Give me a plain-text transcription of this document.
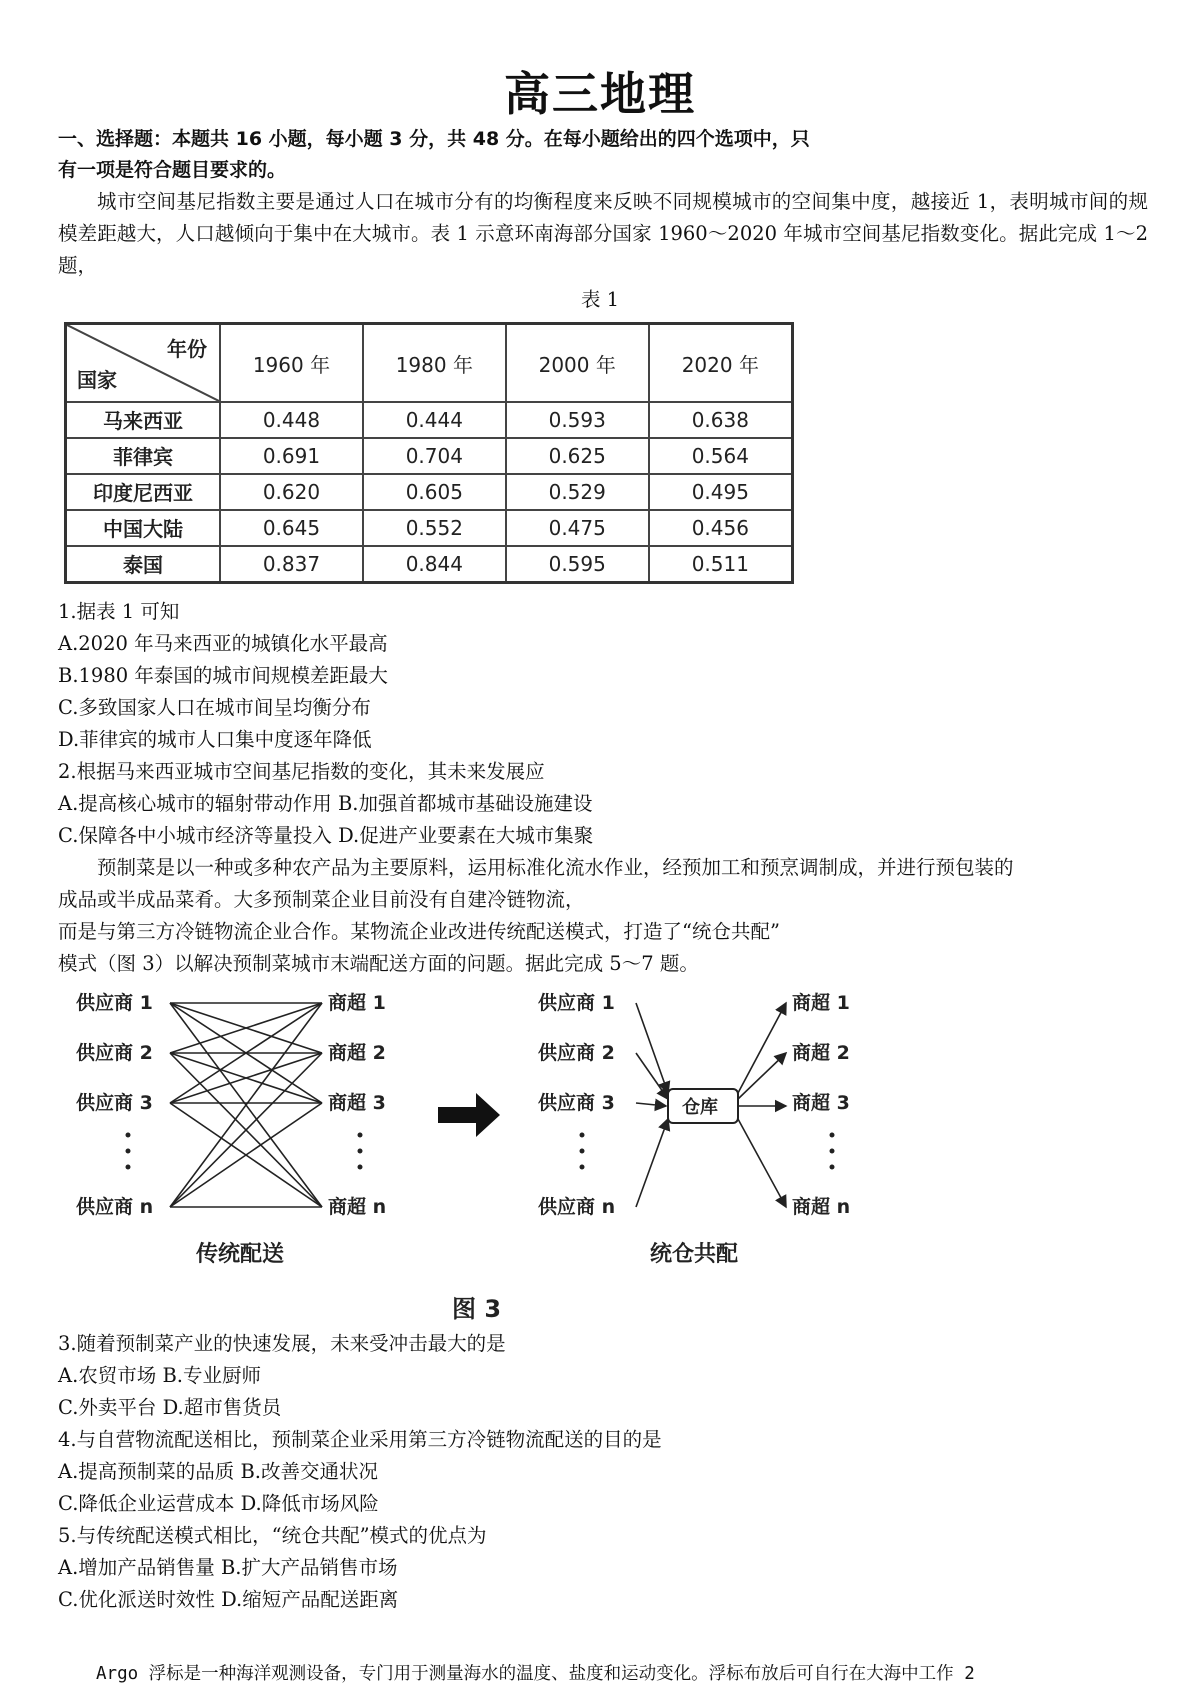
高三地理
一、选择题：本题共 16 小题，每小题 3 分，共 48 分。在每小题给出的四个选项中，只
有一项是符合题目要求的。
城市空间基尼指数主要是通过人口在城市分有的均衡程度来反映不同规模城市的空间集中度，越接近 1，表明城市间的规模差距越大，人口越倾向于集中在大城市。表 1 示意环南海部分国家 1960～2020 年城市空间基尼指数变化。据此完成 1～2 题，
表 1
年份
国家	1960 年	1980 年	2000 年	2020 年
马来西亚	0.448	0.444	0.593	0.638
菲律宾	0.691	0.704	0.625	0.564
印度尼西亚	0.620	0.605	0.529	0.495
中国大陆	0.645	0.552	0.475	0.456
泰国	0.837	0.844	0.595	0.511
1.据表 1 可知
A.2020 年马来西亚的城镇化水平最高
B.1980 年泰国的城市间规模差距最大
C.多致国家人口在城市间呈均衡分布
D.菲律宾的城市人口集中度逐年降低
2.根据马来西亚城市空间基尼指数的变化，其未来发展应
A.提高核心城市的辐射带动作用 B.加强首都城市基础设施建设
C.保障各中小城市经济等量投入 D.促进产业要素在大城市集聚
预制菜是以一种或多种农产品为主要原料，运用标准化流水作业，经预加工和预烹调制成，并进行预包装的
成品或半成品菜肴。大多预制菜企业目前没有自建冷链物流，
而是与第三方冷链物流企业合作。某物流企业改进传统配送模式，打造了“统仓共配”
模式（图 3）以解决预制菜城市末端配送方面的问题。据此完成 5～7 题。
供应商 1
供应商 2
供应商 3
供应商 n
商超 1
商超 2
商超 3
商超 n
传统配送
供应商 1
供应商 2
供应商 3
供应商 n
商超 1
商超 2
商超 3
商超 n
统仓共配
仓库
图 3
3.随着预制菜产业的快速发展，未来受冲击最大的是
A.农贸市场 B.专业厨师
C.外卖平台 D.超市售货员
4.与自营物流配送相比，预制菜企业采用第三方冷链物流配送的目的是
A.提高预制菜的品质 B.改善交通状况
C.降低企业运营成本 D.降低市场风险
5.与传统配送模式相比，“统仓共配”模式的优点为
A.增加产品销售量 B.扩大产品销售市场
C.优化派送时效性 D.缩短产品配送距离
Argo 浮标是一种海洋观测设备，专门用于测量海水的温度、盐度和运动变化。浮标布放后可自行在大海中工作 2
